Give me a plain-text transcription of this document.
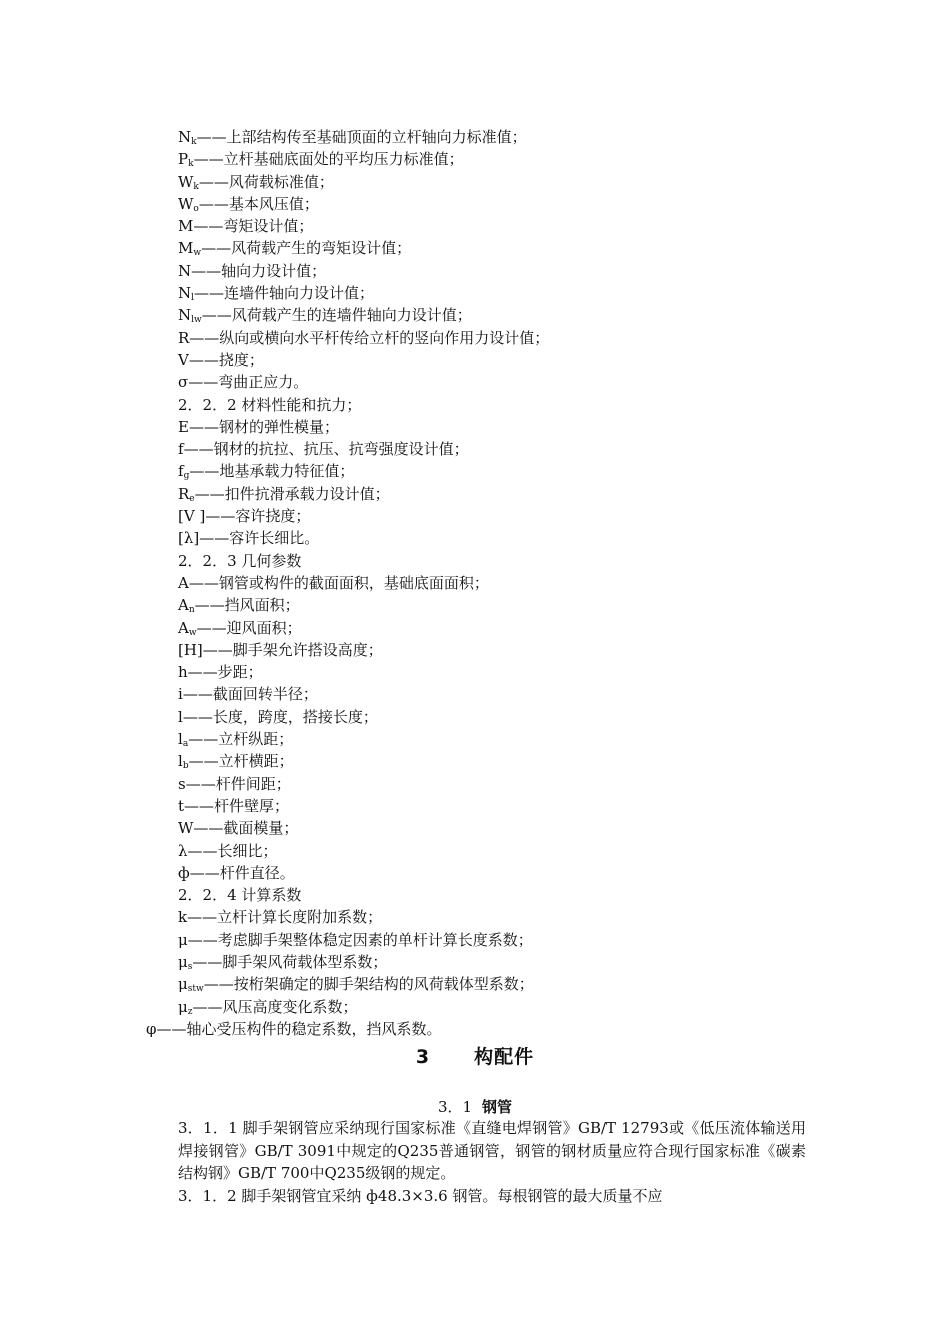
$N_k——$上部结构传至基础顶面的立杆轴向力标准值；
$P_k——$立杆基础底面处的平均压力标准值；
$W_k——$风荷载标准值；
$W_o——$基本风压值；
M——弯矩设计值；
$M_w——$风荷载产生的弯矩设计值；
N——轴向力设计值；
$N_l——$连墙件轴向力设计值；
$N_{lw}——$风荷载产生的连墙件轴向力设计值；
R——纵向或横向水平杆传给立杆的竖向作用力设计值；
V——挠度；
σ——弯曲正应力。
2．2．2 材料性能和抗力；
E——钢材的弹性模量；
f——钢材的抗拉、抗压、抗弯强度设计值；
$f_g——$地基承载力特征值；
$R_e——$扣件抗滑承载力设计值；
[V ]——容许挠度；
[λ]——容许长细比。
2．2．3 几何参数
A——钢管或构件的截面面积，基础底面面积；
$A_n——$挡风面积；
$A_w——$迎风面积；
[H]——脚手架允许搭设高度；
h——步距；
i——截面回转半径；
l——长度，跨度，搭接长度；
$l_a——$立杆纵距；
$l_b——$立杆横距；
s——杆件间距；
t——杆件壁厚；
W——截面模量；
λ——长细比；
ф——杆件直径。
2．2．4 计算系数
k——立杆计算长度附加系数；
μ——考虑脚手架整体稳定因素的单杆计算长度系数；
$\mu_s——$脚手架风荷载体型系数；
$\mu_{stw}——$按桁架确定的脚手架结构的风荷载体型系数；
$\mu_z——$风压高度变化系数；
φ——轴心受压构件的稳定系数，挡风系数。
3 构配件
3．1 钢管
3．1．1 脚手架钢管应采纳现行国家标准《直缝电焊钢管》GB/T 12793或《低压流体输送用焊接钢管》GB/T 3091中规定的Q235普通钢管，钢管的钢材质量应符合现行国家标准《碳素结构钢》GB/T 700中Q235级钢的规定。
3．1．2 脚手架钢管宜采纳 ф48.3×3.6 钢管。每根钢管的最大质量不应
